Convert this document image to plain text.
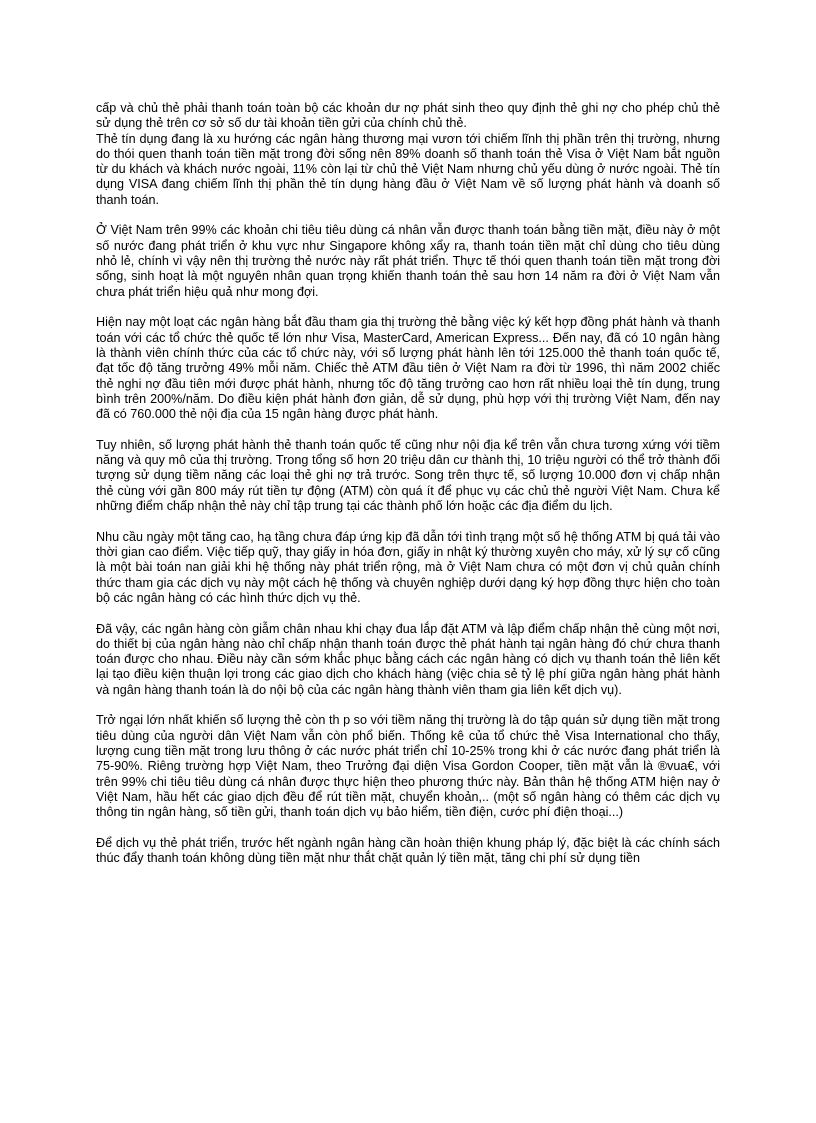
cấp và chủ thẻ phải thanh toán toàn bộ các khoản dư nợ phát sinh theo quy định thẻ ghi nợ cho phép chủ thẻ sử dụng thẻ trên cơ sở số dư tài khoản tiền gửi của chính chủ thẻ.

Thẻ tín dụng đang là xu hướng các ngân hàng thương mại vươn tới chiếm lĩnh thị phần trên thị trường, nhưng do thói quen thanh toán tiền mặt trong đời sống nên 89% doanh số thanh toán thẻ Visa ở Việt Nam bắt nguồn từ du khách và khách nước ngoài, 11% còn lại từ chủ thẻ Việt Nam nhưng chủ yếu dùng ở nước ngoài. Thẻ tín dụng VISA đang chiếm lĩnh thị phần thẻ tín dụng hàng đầu ở Việt Nam về số lượng phát hành và doanh số thanh toán.

Ở Việt Nam trên 99% các khoản chi tiêu tiêu dùng cá nhân vẫn được thanh toán bằng tiền mặt, điều này ở một số nước đang phát triển ở khu vực như Singapore không xẩy ra, thanh toán tiền mặt chỉ dùng cho tiêu dùng nhỏ lẻ, chính vì vậy nên thị trường thẻ nước này rất phát triển. Thực tế thói quen thanh toán tiền mặt trong đời sống, sinh hoạt là một nguyên nhân quan trọng khiến thanh toán thẻ sau hơn 14 năm ra đời ở Việt Nam vẫn chưa phát triển hiệu quả như mong đợi.

Hiện nay một loạt các ngân hàng bắt đầu tham gia thị trường thẻ bằng việc ký kết hợp đồng phát hành và thanh toán với các tổ chức thẻ quốc tế lớn như Visa, MasterCard, American Express... Đến nay, đã có 10 ngân hàng là thành viên chính thức của các tổ chức này, với số lượng phát hành lên tới 125.000 thẻ thanh toán quốc tế, đạt tốc độ tăng trưởng 49% mỗi năm. Chiếc thẻ ATM đầu tiên ở Việt Nam ra đời từ 1996, thì năm 2002 chiếc thẻ nghi nợ đầu tiên mới được phát hành, nhưng tốc độ tăng trưởng cao hơn rất nhiều loại thẻ tín dụng, trung bình trên 200%/năm. Do điều kiện phát hành đơn giản, dễ sử dụng, phù hợp với thị trường Việt Nam, đến nay đã có 760.000 thẻ nội địa của 15 ngân hàng được phát hành.

Tuy nhiên, số lượng phát hành thẻ thanh toán quốc tế cũng như nội địa kể trên vẫn chưa tương xứng với tiềm năng và quy mô của thị trường. Trong tổng số hơn 20 triệu dân cư thành thị, 10 triệu người có thể trở thành đối tượng sử dụng tiềm năng các loại thẻ ghi nợ trả trước. Song trên thực tế, số lượng 10.000 đơn vị chấp nhận thẻ cùng với gần 800 máy rút tiền tự động (ATM) còn quá ít để phục vụ các chủ thẻ người Việt Nam. Chưa kể những điểm chấp nhận thẻ này chỉ tập trung tại các thành phố lớn hoặc các địa điểm du lịch.

Nhu cầu ngày một tăng cao, hạ tầng chưa đáp ứng kịp đã dẫn tới tình trạng một số hệ thống ATM bị quá tải vào thời gian cao điểm. Việc tiếp quỹ, thay giấy in hóa đơn, giấy in nhật ký thường xuyên cho máy, xử lý sự cố cũng là một bài toán nan giải khi hệ thống này phát triển rộng, mà ở Việt Nam chưa có một đơn vị chủ quản chính thức tham gia các dịch vụ này một cách hệ thống và chuyên nghiệp dưới dạng ký hợp đồng thực hiện cho toàn bộ các ngân hàng có các hình thức dịch vụ thẻ.

Đã vậy, các ngân hàng còn giẫm chân nhau khi chạy đua lắp đặt ATM và lập điểm chấp nhận thẻ cùng một nơi, do thiết bị của ngân hàng nào chỉ chấp nhận thanh toán được thẻ phát hành tại ngân hàng đó chứ chưa thanh toán được cho nhau. Điều này cần sớm khắc phục bằng cách các ngân hàng có dịch vụ thanh toán thẻ liên kết lại tạo điều kiện thuận lợi trong các giao dịch cho khách hàng (việc chia sẻ tỷ lệ phí giữa ngân hàng phát hành và ngân hàng thanh toán là do nội bộ của các ngân hàng thành viên tham gia liên kết dịch vụ).

Trở ngại lớn nhất khiến số lượng thẻ còn th p so với tiềm năng thị trường là do tập quán sử dụng tiền mặt trong tiêu dùng của người dân Việt Nam vẫn còn phổ biến. Thống kê của tổ chức thẻ Visa International cho thấy, lượng cung tiền mặt trong lưu thông ở các nước phát triển chỉ 10-25% trong khi ở các nước đang phát triển là 75-90%. Riêng trường hợp Việt Nam, theo Trưởng đại diện Visa Gordon Cooper, tiền mặt vẫn là ®vua€, với trên 99% chi tiêu tiêu dùng cá nhân được thực hiện theo phương thức này. Bản thân hệ thống ATM hiện nay ở Việt Nam, hầu hết các giao dịch đều để rút tiền mặt, chuyển khoản,.. (một số ngân hàng có thêm các dịch vụ thông tin ngân hàng, số tiền gửi, thanh toán dịch vụ bảo hiểm, tiền điện, cước phí điện thoại...)

Để dịch vụ thẻ phát triển, trước hết ngành ngân hàng cần hoàn thiện khung pháp lý, đặc biệt là các chính sách thúc đẩy thanh toán không dùng tiền mặt như thắt chặt quản lý tiền mặt, tăng chi phí sử dụng tiền
